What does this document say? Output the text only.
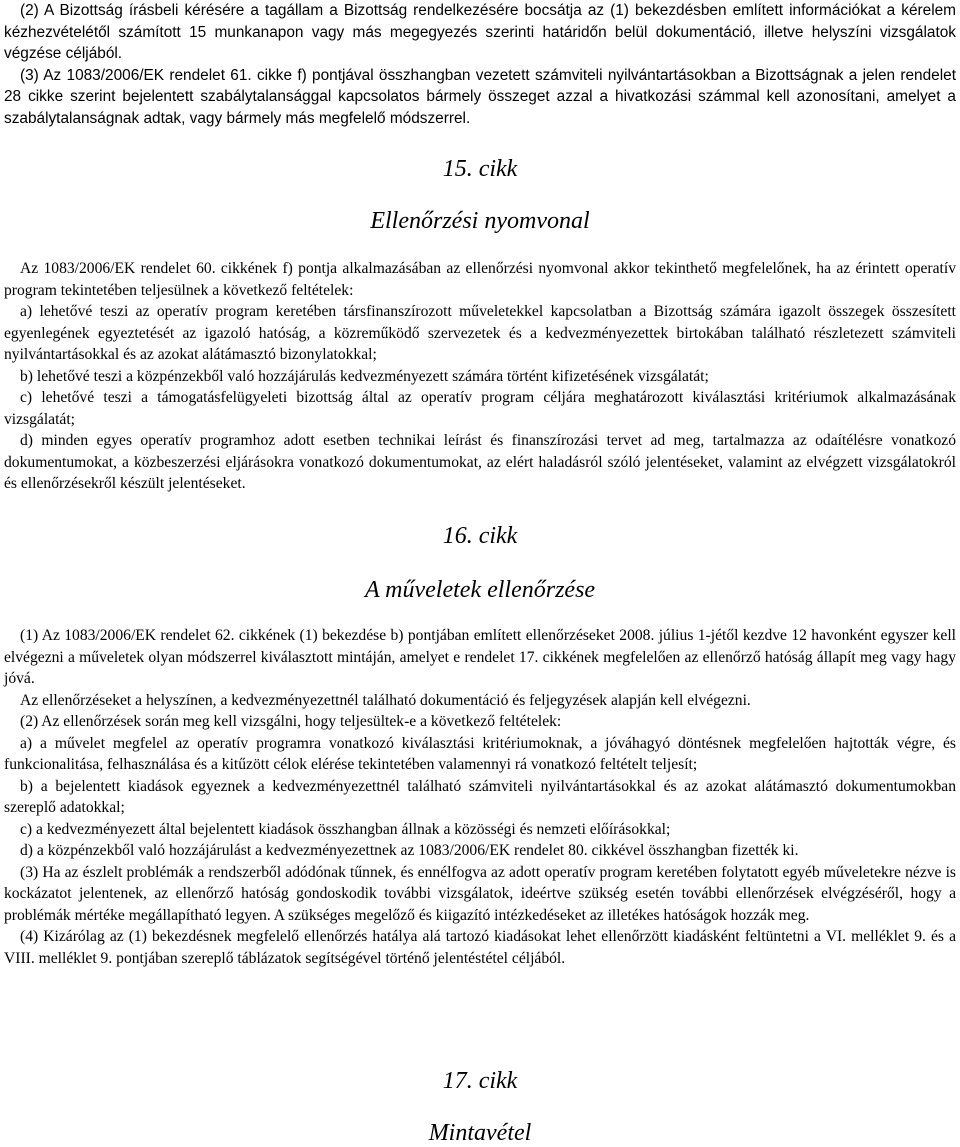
(2) A Bizottság írásbeli kérésére a tagállam a Bizottság rendelkezésére bocsátja az (1) bekezdésben említett információkat a kérelem kézhezvételétől számított 15 munkanapon vagy más megegyezés szerinti határidőn belül dokumentáció, illetve helyszíni vizsgálatok végzése céljából.

(3) Az 1083/2006/EK rendelet 61. cikke f) pontjával összhangban vezetett számviteli nyilvántartásokban a Bizottságnak a jelen rendelet 28 cikke szerint bejelentett szabálytalansággal kapcsolatos bármely összeget azzal a hivatkozási számmal kell azonosítani, amelyet a szabálytalanságnak adtak, vagy bármely más megfelelő módszerrel.

15. cikk
Ellenőrzési nyomvonal

Az 1083/2006/EK rendelet 60. cikkének f) pontja alkalmazásában az ellenőrzési nyomvonal akkor tekinthető megfelelőnek, ha az érintett operatív program tekintetében teljesülnek a következő feltételek:

a) lehetővé teszi az operatív program keretében társfinanszírozott műveletekkel kapcsolatban a Bizottság számára igazolt összegek összesített egyenlegének egyeztetését az igazoló hatóság, a közreműködő szervezetek és a kedvezményezettek birtokában található részletezett számviteli nyilvántartásokkal és az azokat alátámasztó bizonylatokkal;

b) lehetővé teszi a közpénzekből való hozzájárulás kedvezményezett számára történt kifizetésének vizsgálatát;

c) lehetővé teszi a támogatásfelügyeleti bizottság által az operatív program céljára meghatározott kiválasztási kritériumok alkalmazásának vizsgálatát;

d) minden egyes operatív programhoz adott esetben technikai leírást és finanszírozási tervet ad meg, tartalmazza az odaítélésre vonatkozó dokumentumokat, a közbeszerzési eljárásokra vonatkozó dokumentumokat, az elért haladásról szóló jelentéseket, valamint az elvégzett vizsgálatokról és ellenőrzésekről készült jelentéseket.

16. cikk
A műveletek ellenőrzése

(1) Az 1083/2006/EK rendelet 62. cikkének (1) bekezdése b) pontjában említett ellenőrzéseket 2008. július 1-jétől kezdve 12 havonként egyszer kell elvégezni a műveletek olyan módszerrel kiválasztott mintáján, amelyet e rendelet 17. cikkének megfelelően az ellenőrző hatóság állapít meg vagy hagy jóvá.

Az ellenőrzéseket a helyszínen, a kedvezményezettnél található dokumentáció és feljegyzések alapján kell elvégezni.

(2) Az ellenőrzések során meg kell vizsgálni, hogy teljesültek-e a következő feltételek:

a) a művelet megfelel az operatív programra vonatkozó kiválasztási kritériumoknak, a jóváhagyó döntésnek megfelelően hajtották végre, és funkcionalitása, felhasználása és a kitűzött célok elérése tekintetében valamennyi rá vonatkozó feltételt teljesít;

b) a bejelentett kiadások egyeznek a kedvezményezettnél található számviteli nyilvántartásokkal és az azokat alátámasztó dokumentumokban szereplő adatokkal;

c) a kedvezményezett által bejelentett kiadások összhangban állnak a közösségi és nemzeti előírásokkal;

d) a közpénzekből való hozzájárulást a kedvezményezettnek az 1083/2006/EK rendelet 80. cikkével összhangban fizették ki.

(3) Ha az észlelt problémák a rendszerből adódónak tűnnek, és ennélfogva az adott operatív program keretében folytatott egyéb műveletekre nézve is kockázatot jelentenek, az ellenőrző hatóság gondoskodik további vizsgálatok, ideértve szükség esetén további ellenőrzések elvégzéséről, hogy a problémák mértéke megállapítható legyen. A szükséges megelőző és kiigazító intézkedéseket az illetékes hatóságok hozzák meg.

(4) Kizárólag az (1) bekezdésnek megfelelő ellenőrzés hatálya alá tartozó kiadásokat lehet ellenőrzött kiadásként feltüntetni a VI. melléklet 9. és a VIII. melléklet 9. pontjában szereplő táblázatok segítségével történő jelentéstétel céljából.

17. cikk
Mintavétel
